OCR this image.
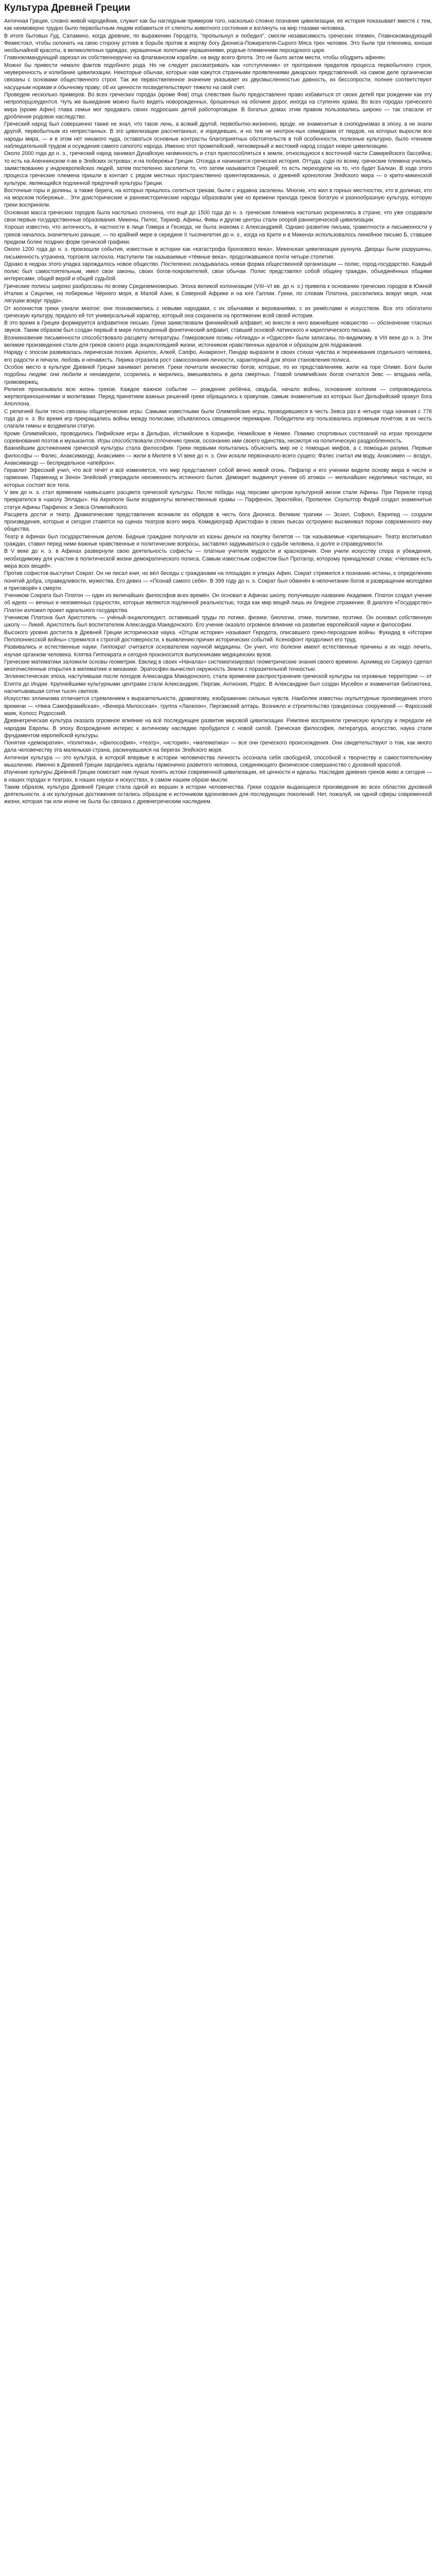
Культура Древней Греции

Античная Греция, словно живой чародейник, служит как бы наглядным примером того, насколько сложно познание цивилизации, ее история показывает вместе с тем, как неимоверно трудно было первобытным людям избавиться от слепоты животного состояния и взглянуть на мир глазами человека.

В итоге бытовых Гуд, Саламинo, когда древние, по выражению Геродота, "пропыльнул и победил", смогли независимость греческих племен, Главнокомандующий Фемистокл, чтобы склонить на свою сторону устоев в борьбе против в жертву богу Диониса-Пожирателя-Сырого Мяса трех человек. Это были три пленника, юноши необычайной красоты, в великолепных одеждах, украшенные золотыми украшениями, родные племенники персидского царя.

Главнокомандующий зарезал их собственноручно на флагманском корабле, на виду всего флота. Это не было актом мести, чтобы ободрить афинян.

Можно бы привести немало фактов подобного рода. Но не следует рассматривать как «отступление» от проторения пределов процесса первобытного строя, неуверенность и колебание цивилизации. Некоторые обычаи, которые нам кажутся странными проявлениями дикарских представлений, на самом деле органически связаны с основами общественного строя. Так же первоствепенное значение указывает их двусмысленностью давность, их бессопрости, полнее соответствуют насущным нормам и обычному праву; об их ценности посвидетельствуют тяжело на свой счет.

Проведем несколько примеров. Во всех греческих городах (кроме Фив) отца слевствия было предоставлено право избавиться от своих детей при рождении как эту непропорц́сеудентся. Чуть же выкидание можно было видеть новорожденных, брошенных на обочине дорог, иногда на ступенях храма. Во всех городах греческого мира (кроме Афин) глава семьи мог продавать своих подросших детей работорговцам. В богатых домах этим правом пользовались широко — так спасали от дробления родовое наследство.

Греческий народ был совершенно также не знал, что такое лень, а всякий другой, первобытно-жизненно, вроде, не знаменитые в сноподнизмах в эпоху, а не знали другой, первобытным из непрестанных. В эго цивилизации рассчитанных, и изредевших, и но тем не неотрок-ных семидрами от пердов, на которых выросли все народы мира, — и в этом нет никакого чуда, оставаться основные контрасты благоприятных обстоятельств в той особенности, полезные культурно, было чтением наблюдательной трудом и осуждения самого сапогото народа. Именно этот прометейский, легковерный и жестокий народ создал новую цивилизацию.

Около 2000 года до н. э., греческий народ занимал Дунайскую низменность и стал приспособляться к земли, относящуюся к восточной части Самирейского бассейна; то есть на Апеннинском п-ве в Эгейских островах; и на побережье Греции. Отсюда и начинается греческая история. Оттуда, судя по всему, греческие племена учились заимствованию у индоевропейских людей, затем постепенно заселили то, что затем называется Грецией; то есть переходили на то, что будет Балкан. В ходе этого процесса греческие племена пришли в контакт с рядом местных пространственно ориентированных, о древней хронологии Эгейского мира — о крито-микенской культуре, являющийся подлинной предтечей культуры Греции.

Восточные горы и долины, а также берега, на которых пришлось селиться грекам, были с издавна заселены. Многие, кто жил в горных местностях, кто в долинах, кто на морском побережье... Эти доисторические и раннеисторические народы образовали уже ко времени прихода греков богатую и разнообразную культуру, которую греки восприняли.

Основная масса греческих городов была настолько сплочена, что ещё до 1500 года до н. э. греческие племена настолько укоренились в стране, что уже создавали свои первые государственные образования. Микены, Пилос, Тиринф, Афины, Фивы и другие центры стали опорой раннегреческой цивилизации.

Хорошо известно, что античность, в частности в лице Гомера и Гесиода, не была знакома с Александрией. Однако развитие письма, грамотности и письменности у греков началось значительно раньше, — по крайней мере в середине II тысячелетия до н. э., когда на Крите и в Микенах использовалось линейное письмо Б, ставшее предком более поздних форм греческой графики.

Около 1200 года до н. э. произошли события, известные в истории как «катастрофа бронзового века». Микенская цивилизация рухнула. Дворцы были разрушены, письменность утрачена, торговля заглохла. Наступили так называемые «тёмные века», продолжавшиеся почти четыре столетия.

Однако в недрах этого упадка зарождалось новое общество. Постепенно складывалась новая форма общественной организации — полис, город-государство. Каждый полис был самостоятельным, имел свои законы, своих богов-покровителей, свои обычаи. Полис представлял собой общину граждан, объединённых общими интересами, общей верой и общей судьбой.

Греческие полисы широко разбросаны по всему Средиземноморью. Эпоха великой колонизации (VIII–VI вв. до н. э.) привела к основанию греческих городов в Южной Италии и Сицилии, на побережье Чёрного моря, в Малой Азии, в Северной Африке и на юге Галлии. Греки, по словам Платона, расселились вокруг моря, «как лягушки вокруг пруда».

От колонистов греки узнали многое: они познакомились с новыми народами, с их обычаями и верованиями, с их ремёслами и искусством. Все это обогатило греческую культуру, придало ей тот универсальный характер, который она сохранила на протяжении всей своей истории.

В это время в Греции формируется алфавитное письмо. Греки заимствовали финикийский алфавит, но внесли в него важнейшее новшество — обозначение гласных звуков. Таким образом был создан первый в мире полноценный фонетический алфавит, ставший основой латинского и кириллического письма.

Возникновение письменности способствовало расцвету литературы. Гомеровские поэмы «Илиада» и «Одиссея» были записаны, по-видимому, в VIII веке до н. э. Эти великие произведения стали для греков своего рода энциклопедией жизни, источником нравственных идеалов и образцом для подражания.

Наряду с эпосом развивалась лирическая поэзия. Архилох, Алкей, Сапфо, Анакреонт, Пиндар выразили в своих стихах чувства и переживания отдельного человека, его радости и печали, любовь и ненависть. Лирика отразила рост самосознания личности, характерный для эпохи становления полиса.

Особое место в культуре Древней Греции занимает религия. Греки почитали множество богов, которые, по их представлениям, жили на горе Олимп. Боги были подобны людям: они любили и ненавидели, ссорились и мирились, вмешивались в дела смертных. Главой олимпийских богов считался Зевс — владыка неба, громовержец.

Религия пронизывала всю жизнь греков. Каждое важное событие — рождение ребёнка, свадьба, начало войны, основание колонии — сопровождалось жертвоприношениями и молитвами. Перед принятием важных решений греки обращались к оракулам, самым знаменитым из которых был Дельфийский оракул бога Аполлона.

С религией были тесно связаны общегреческие игры. Самыми известными были Олимпийские игры, проводившиеся в честь Зевса раз в четыре года начиная с 776 года до н. э. Во время игр прекращались войны между полисами, объявлялось священное перемирие. Победители игр пользовались огромным почётом, в их честь слагали гимны и воздвигали статуи.

Кроме Олимпийских, проводились Пифийские игры в Дельфах, Истмийские в Коринфе, Немейские в Немее. Помимо спортивных состязаний на играх проходили соревнования поэтов и музыкантов. Игры способствовали сплочению греков, осознанию ими своего единства, несмотря на политическую раздробленность.

Важнейшим достижением греческой культуры стала философия. Греки первыми попытались объяснить мир не с помощью мифов, а с помощью разума. Первые философы — Фалес, Анаксимандр, Анаксимен — жили в Милете в VI веке до н. э. Они искали первоначало всего сущего: Фалес считал им воду, Анаксимен — воздух, Анаксимандр — беспредельное «апейрон».

Гераклит Эфесский учил, что всё течёт и всё изменяется, что мир представляет собой вечно живой огонь. Пифагор и его ученики видели основу мира в числе и гармонии. Парменид и Зенон Элейский утверждали неизменность истинного бытия. Демокрит выдвинул учение об атомах — мельчайших неделимых частицах, из которых состоят все тела.

V век до н. э. стал временем наивысшего расцвета греческой культуры. После победы над персами центром культурной жизни стали Афины. При Перикле город превратился в «школу Эллады». На Акрополе были воздвигнуты величественные храмы — Парфенон, Эрехтейон, Пропилеи. Скульптор Фидий создал знаменитые статуи Афины Парфенос и Зевса Олимпийского.

Расцвета достиг и театр. Драматические представления возникли из обрядов в честь бога Диониса. Великие трагики — Эсхил, Софокл, Еврипид — создали произведения, которые и сегодня ставятся на сценах театров всего мира. Комедиограф Аристофан в своих пьесах остроумно высмеивал пороки современного ему общества.

Театр в Афинах был государственным делом. Бедные граждане получали из казны деньги на покупку билетов — так называемые «зрелищные». Театр воспитывал граждан, ставил перед ними важные нравственные и политические вопросы, заставлял задумываться о судьбе человека, о долге и справедливости.

В V веке до н. э. в Афинах развернули свою деятельность софисты — платные учителя мудрости и красноречия. Они учили искусству спора и убеждения, необходимому для участия в политической жизни демократического полиса. Самым известным софистом был Протагор, которому принадлежат слова: «Человек есть мера всех вещей».

Против софистов выступил Сократ. Он не писал книг, но вёл беседы с гражданами на площадях и улицах Афин. Сократ стремился к познанию истины, к определению понятий добра, справедливости, мужества. Его девиз — «Познай самого себя». В 399 году до н. э. Сократ был обвинён в непочитании богов и развращении молодёжи и приговорён к смерти.

Учеником Сократа был Платон — один из величайших философов всех времён. Он основал в Афинах школу, получившую название Академия. Платон создал учение об идеях — вечных и неизменных сущностях, которые являются подлинной реальностью, тогда как мир вещей лишь их бледное отражение. В диалоге «Государство» Платон изложил проект идеального государства.

Учеником Платона был Аристотель — учёный-энциклопедист, оставивший труды по логике, физике, биологии, этике, политике, поэтике. Он основал собственную школу — Ликей. Аристотель был воспитателем Александра Македонского. Его учение оказало огромное влияние на развитие европейской науки и философии.

Высокого уровня достигла в Древней Греции историческая наука. «Отцом истории» называют Геродота, описавшего греко-персидские войны. Фукидид в «Истории Пелопоннесской войны» стремился к строгой достоверности, к выявлению причин исторических событий. Ксенофонт продолжил его труд.

Развивались и естественные науки. Гиппократ считается основателем научной медицины. Он учил, что болезни имеют естественные причины и их надо лечить, изучая организм человека. Клятва Гиппократа и сегодня произносится выпускниками медицинских вузов.

Греческие математики заложили основы геометрии. Евклид в своих «Началах» систематизировал геометрические знания своего времени. Архимед из Сиракуз сделал многочисленные открытия в математике и механике. Эратосфен вычислил окружность Земли с поразительной точностью.

Эллинистическая эпоха, наступившая после походов Александра Македонского, стала временем распространения греческой культуры на огромные территории — от Египта до Индии. Крупнейшими культурными центрами стали Александрия, Пергам, Антиохия, Родос. В Александрии был создан Мусейон и знаменитая библиотека, насчитывавшая сотни тысяч свитков.

Искусство эллинизма отличается стремлением к выразительности, драматизму, изображению сильных чувств. Наиболее известны скульптурные произведения этого времени — «Ника Самофракийская», «Венера Милосская», группа «Лаокоон», Пергамский алтарь. Возникло и строительство грандиозных сооружений — Фаросский маяк, Колосс Родосский.

Древнегреческая культура оказала огромное влияние на всё последующее развитие мировой цивилизации. Римляне восприняли греческую культуру и передали её народам Европы. В эпоху Возрождения интерес к античному наследию пробудился с новой силой. Греческая философия, литература, искусство, наука стали фундаментом европейской культуры.

Понятия «демократия», «политика», «философия», «театр», «история», «математика» — все они греческого происхождения. Они свидетельствуют о том, как много дала человечеству эта маленькая страна, раскинувшаяся на берегах Эгейского моря.

Античная культура — это культура, в которой впервые в истории человечества личность осознала себя свободной, способной к творчеству и самостоятельному мышлению. Именно в Древней Греции зародились идеалы гармонично развитого человека, соединяющего физическое совершенство с духовной красотой.

Изучение культуры Древней Греции помогает нам лучше понять истоки современной цивилизации, её ценности и идеалы. Наследие древних греков живо и сегодня — в наших городах и театрах, в наших науках и искусствах, в самом нашем образе мысли.

Таким образом, культура Древней Греции стала одной из вершин в истории человечества. Греки создали выдающиеся произведения во всех областях духовной деятельности, а их культурные достижения остались образцом и источником вдохновения для последующих поколений. Нет, пожалуй, ни одной сферы современной жизни, которая так или иначе не была бы связана с древнегреческим наследием.
